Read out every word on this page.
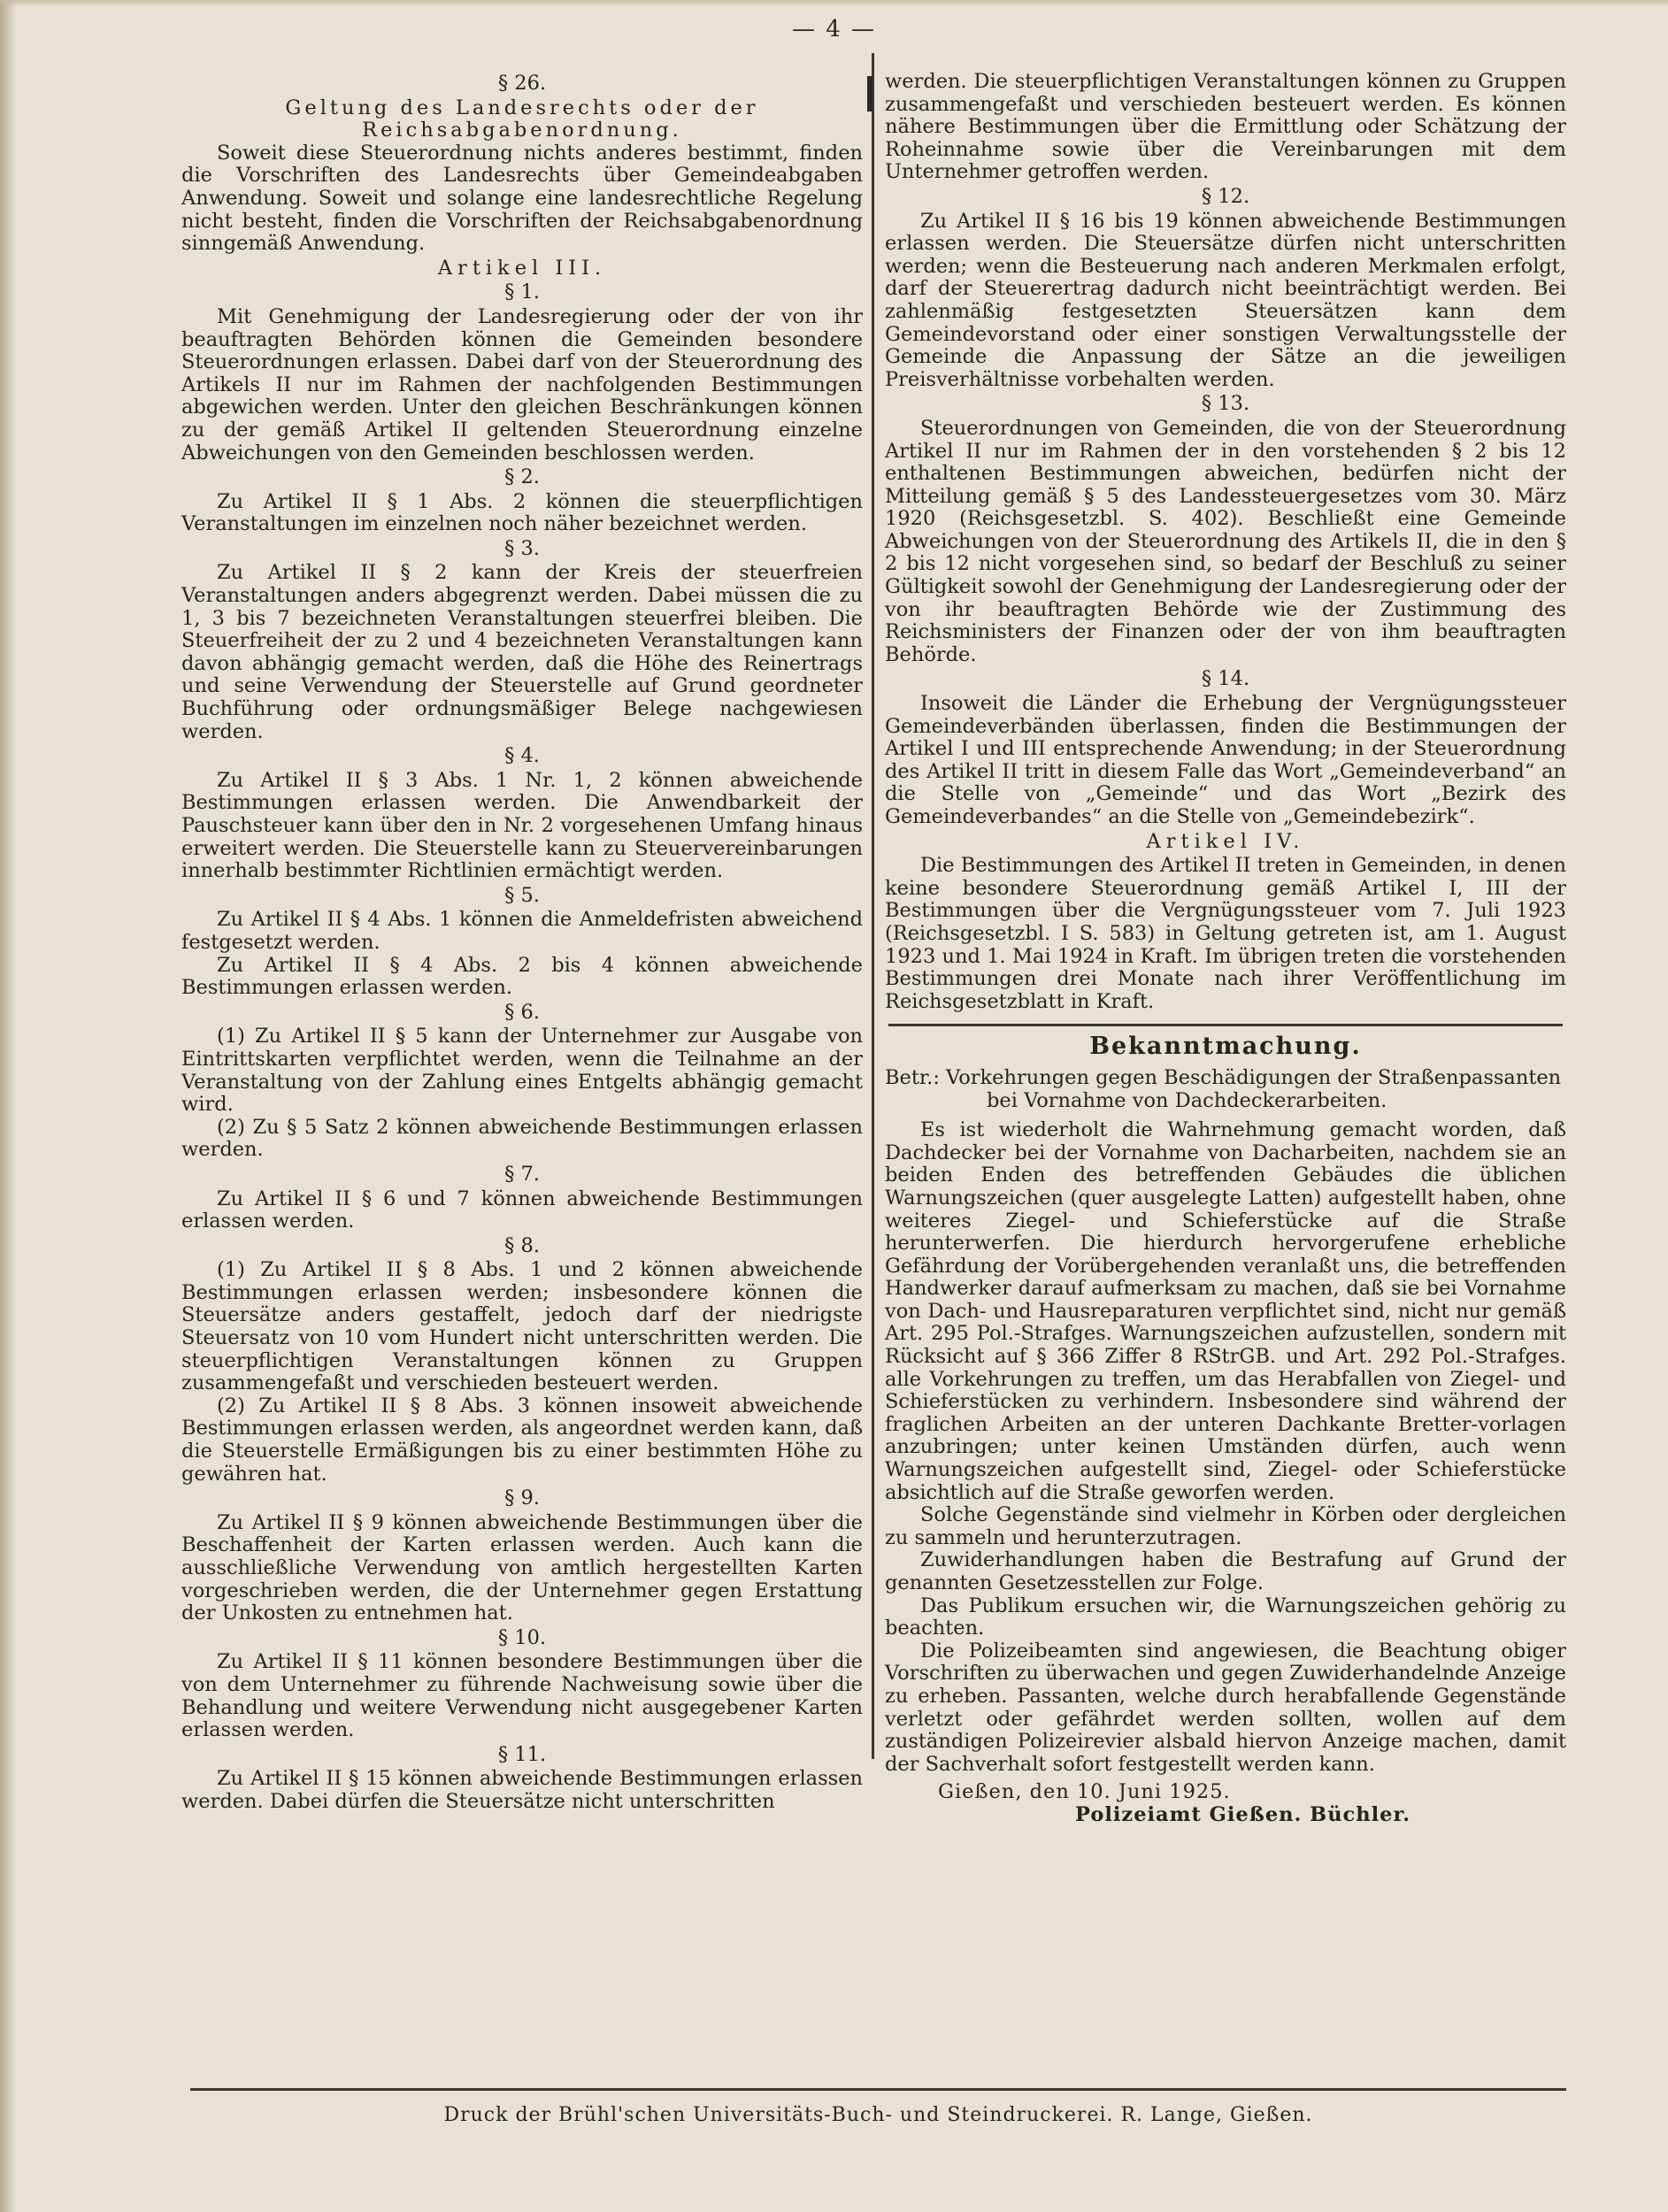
— 4 —
§ 26.
Geltung des Landesrechts oder der Reichsabgabenordnung.

Soweit diese Steuerordnung nichts anderes bestimmt, finden die Vorschriften des Landesrechts über Gemeindeabgaben Anwendung. Soweit und solange eine landesrechtliche Regelung nicht besteht, finden die Vorschriften der Reichsabgabenordnung sinngemäß Anwendung.

Artikel III.
§ 1.

Mit Genehmigung der Landesregierung oder der von ihr beauftragten Behörden können die Gemeinden besondere Steuerordnungen erlassen. Dabei darf von der Steuerordnung des Artikels II nur im Rahmen der nachfolgenden Bestimmungen abgewichen werden. Unter den gleichen Beschränkungen können zu der gemäß Artikel II geltenden Steuerordnung einzelne Abweichungen von den Gemeinden beschlossen werden.

§ 2.

Zu Artikel II § 1 Abs. 2 können die steuerpflichtigen Veranstaltungen im einzelnen noch näher bezeichnet werden.

§ 3.

Zu Artikel II § 2 kann der Kreis der steuerfreien Veranstaltungen anders abgegrenzt werden. Dabei müssen die zu 1, 3 bis 7 bezeichneten Veranstaltungen steuerfrei bleiben. Die Steuerfreiheit der zu 2 und 4 bezeichneten Veranstaltungen kann davon abhängig gemacht werden, daß die Höhe des Reinertrags und seine Verwendung der Steuerstelle auf Grund geordneter Buchführung oder ordnungsmäßiger Belege nachgewiesen werden.

§ 4.

Zu Artikel II § 3 Abs. 1 Nr. 1, 2 können abweichende Bestimmungen erlassen werden. Die Anwendbarkeit der Pauschsteuer kann über den in Nr. 2 vorgesehenen Umfang hinaus erweitert werden. Die Steuerstelle kann zu Steuervereinbarungen innerhalb bestimmter Richtlinien ermächtigt werden.

§ 5.

Zu Artikel II § 4 Abs. 1 können die Anmeldefristen abweichend festgesetzt werden.

Zu Artikel II § 4 Abs. 2 bis 4 können abweichende Bestimmungen erlassen werden.

§ 6.

(1) Zu Artikel II § 5 kann der Unternehmer zur Ausgabe von Eintrittskarten verpflichtet werden, wenn die Teilnahme an der Veranstaltung von der Zahlung eines Entgelts abhängig gemacht wird.

(2) Zu § 5 Satz 2 können abweichende Bestimmungen erlassen werden.

§ 7.

Zu Artikel II § 6 und 7 können abweichende Bestimmungen erlassen werden.

§ 8.

(1) Zu Artikel II § 8 Abs. 1 und 2 können abweichende Bestimmungen erlassen werden; insbesondere können die Steuersätze anders gestaffelt, jedoch darf der niedrigste Steuersatz von 10 vom Hundert nicht unterschritten werden. Die steuerpflichtigen Veranstaltungen können zu Gruppen zusammengefaßt und verschieden besteuert werden.

(2) Zu Artikel II § 8 Abs. 3 können insoweit abweichende Bestimmungen erlassen werden, als angeordnet werden kann, daß die Steuerstelle Ermäßigungen bis zu einer bestimmten Höhe zu gewähren hat.

§ 9.

Zu Artikel II § 9 können abweichende Bestimmungen über die Beschaffenheit der Karten erlassen werden. Auch kann die ausschließliche Verwendung von amtlich hergestellten Karten vorgeschrieben werden, die der Unternehmer gegen Erstattung der Unkosten zu entnehmen hat.

§ 10.

Zu Artikel II § 11 können besondere Bestimmungen über die von dem Unternehmer zu führende Nachweisung sowie über die Behandlung und weitere Verwendung nicht ausgegebener Karten erlassen werden.

§ 11.

Zu Artikel II § 15 können abweichende Bestimmungen erlassen werden. Dabei dürfen die Steuersätze nicht unterschritten

werden. Die steuerpflichtigen Veranstaltungen können zu Gruppen zusammengefaßt und verschieden besteuert werden. Es können nähere Bestimmungen über die Ermittlung oder Schätzung der Roheinnahme sowie über die Vereinbarungen mit dem Unternehmer getroffen werden.

§ 12.

Zu Artikel II § 16 bis 19 können abweichende Bestimmungen erlassen werden. Die Steuersätze dürfen nicht unterschritten werden; wenn die Besteuerung nach anderen Merkmalen erfolgt, darf der Steuerertrag dadurch nicht beeinträchtigt werden. Bei zahlenmäßig festgesetzten Steuersätzen kann dem Gemeindevorstand oder einer sonstigen Verwaltungsstelle der Gemeinde die Anpassung der Sätze an die jeweiligen Preisverhältnisse vorbehalten werden.

§ 13.

Steuerordnungen von Gemeinden, die von der Steuerordnung Artikel II nur im Rahmen der in den vorstehenden § 2 bis 12 enthaltenen Bestimmungen abweichen, bedürfen nicht der Mitteilung gemäß § 5 des Landessteuergesetzes vom 30. März 1920 (Reichsgesetzbl. S. 402). Beschließt eine Gemeinde Abweichungen von der Steuerordnung des Artikels II, die in den § 2 bis 12 nicht vorgesehen sind, so bedarf der Beschluß zu seiner Gültigkeit sowohl der Genehmigung der Landesregierung oder der von ihr beauftragten Behörde wie der Zustimmung des Reichsministers der Finanzen oder der von ihm beauftragten Behörde.

§ 14.

Insoweit die Länder die Erhebung der Vergnügungssteuer Gemeindeverbänden überlassen, finden die Bestimmungen der Artikel I und III entsprechende Anwendung; in der Steuerordnung des Artikel II tritt in diesem Falle das Wort „Gemeindeverband“ an die Stelle von „Gemeinde“ und das Wort „Bezirk des Gemeindeverbandes“ an die Stelle von „Gemeindebezirk“.

Artikel IV.

Die Bestimmungen des Artikel II treten in Gemeinden, in denen keine besondere Steuerordnung gemäß Artikel I, III der Bestimmungen über die Vergnügungssteuer vom 7. Juli 1923 (Reichsgesetzbl. I S. 583) in Geltung getreten ist, am 1. August 1923 und 1. Mai 1924 in Kraft. Im übrigen treten die vorstehenden Bestimmungen drei Monate nach ihrer Veröffentlichung im Reichsgesetzblatt in Kraft.

Bekanntmachung.
Betr.: Vorkehrungen gegen Beschädigungen der Straßenpassanten
bei Vornahme von Dachdeckerarbeiten.

Es ist wiederholt die Wahrnehmung gemacht worden, daß Dachdecker bei der Vornahme von Dacharbeiten, nachdem sie an beiden Enden des betreffenden Gebäudes die üblichen Warnungszeichen (quer ausgelegte Latten) aufgestellt haben, ohne weiteres Ziegel- und Schieferstücke auf die Straße herunterwerfen. Die hierdurch hervorgerufene erhebliche Gefährdung der Vorübergehenden veranlaßt uns, die betreffenden Handwerker darauf aufmerksam zu machen, daß sie bei Vornahme von Dach- und Hausreparaturen verpflichtet sind, nicht nur gemäß Art. 295 Pol.-Strafges. Warnungszeichen aufzustellen, sondern mit Rücksicht auf § 366 Ziffer 8 RStrGB. und Art. 292 Pol.-Strafges. alle Vorkehrungen zu treffen, um das Herabfallen von Ziegel- und Schieferstücken zu verhindern. Insbesondere sind während der fraglichen Arbeiten an der unteren Dachkante Bretter-vorlagen anzubringen; unter keinen Umständen dürfen, auch wenn Warnungszeichen aufgestellt sind, Ziegel- oder Schieferstücke absichtlich auf die Straße geworfen werden.

Solche Gegenstände sind vielmehr in Körben oder dergleichen zu sammeln und herunterzutragen.

Zuwiderhandlungen haben die Bestrafung auf Grund der genannten Gesetzesstellen zur Folge.

Das Publikum ersuchen wir, die Warnungszeichen gehörig zu beachten.

Die Polizeibeamten sind angewiesen, die Beachtung obiger Vorschriften zu überwachen und gegen Zuwiderhandelnde Anzeige zu erheben. Passanten, welche durch herabfallende Gegenstände verletzt oder gefährdet werden sollten, wollen auf dem zuständigen Polizeirevier alsbald hiervon Anzeige machen, damit der Sachverhalt sofort festgestellt werden kann.

Gießen, den 10. Juni 1925.
Polizeiamt Gießen. Büchler.
Druck der Brühl'schen Universitäts-Buch- und Steindruckerei. R. Lange, Gießen.
